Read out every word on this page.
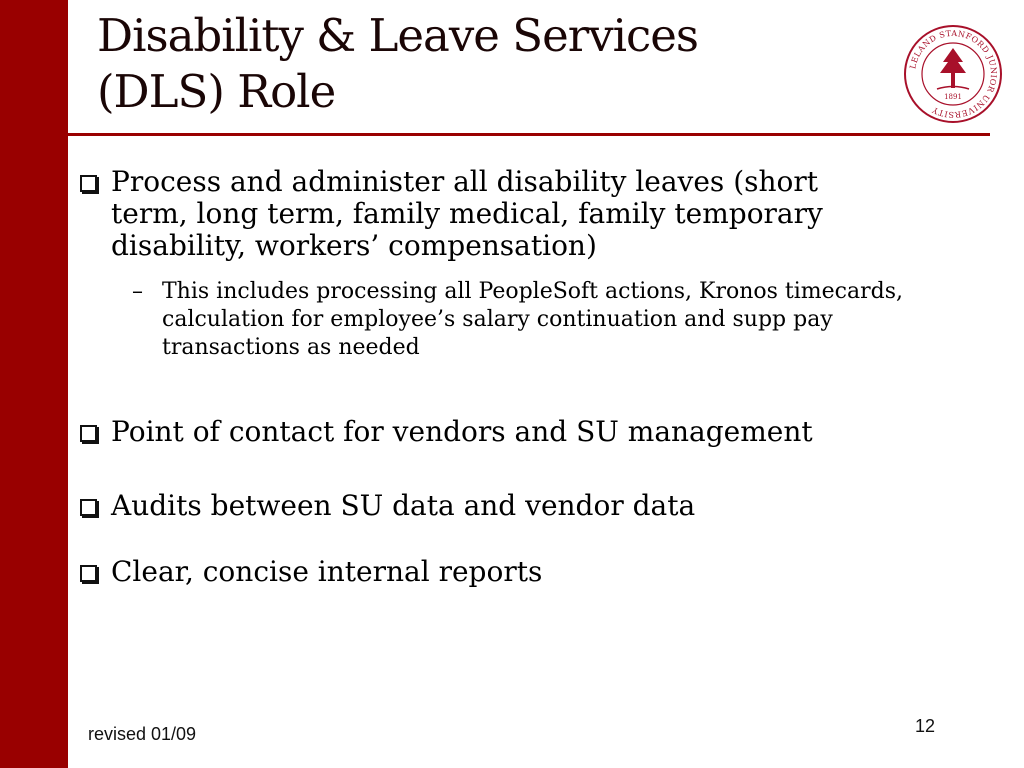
Disability & Leave Services
(DLS) Role	LELAND STANFORD JUNIOR UNIVERSITY
1891
Process and administer all disability leaves (short term, long term, family medical, family temporary disability, workers’ compensation)
– This includes processing all PeopleSoft actions, Kronos timecards, calculation for employee’s salary continuation and supp pay transactions as needed
Point of contact for vendors and SU management
Audits between SU data and vendor data
Clear, concise internal reports
revised 01/09	12
